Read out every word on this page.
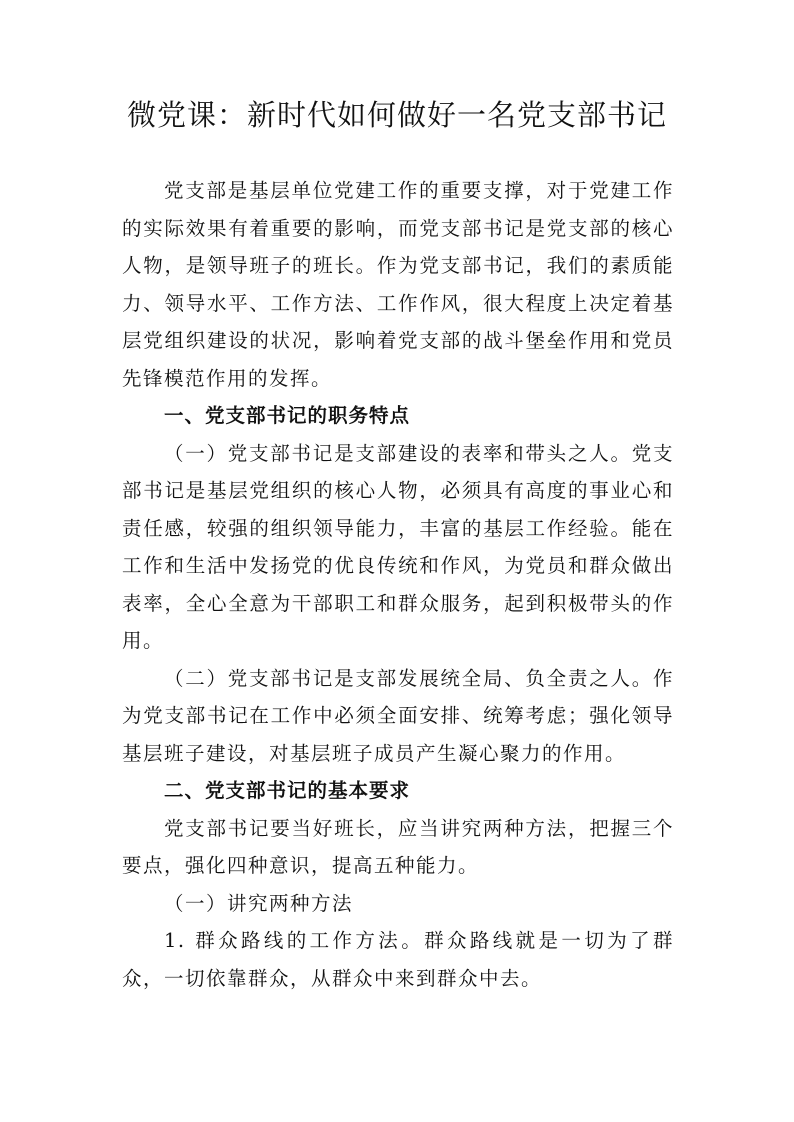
微党课：新时代如何做好一名党支部书记

党支部是基层单位党建工作的重要支撑，对于党建工作的实际效果有着重要的影响，而党支部书记是党支部的核心人物，是领导班子的班长。作为党支部书记，我们的素质能力、领导水平、工作方法、工作作风，很大程度上决定着基层党组织建设的状况，影响着党支部的战斗堡垒作用和党员先锋模范作用的发挥。

一、党支部书记的职务特点

（一）党支部书记是支部建设的表率和带头之人。党支部书记是基层党组织的核心人物，必须具有高度的事业心和责任感，较强的组织领导能力，丰富的基层工作经验。能在工作和生活中发扬党的优良传统和作风，为党员和群众做出表率，全心全意为干部职工和群众服务，起到积极带头的作用。

（二）党支部书记是支部发展统全局、负全责之人。作为党支部书记在工作中必须全面安排、统筹考虑；强化领导基层班子建设，对基层班子成员产生凝心聚力的作用。

二、党支部书记的基本要求

党支部书记要当好班长，应当讲究两种方法，把握三个要点，强化四种意识，提高五种能力。

（一）讲究两种方法

1. 群众路线的工作方法。群众路线就是一切为了群众，一切依靠群众，从群众中来到群众中去。
